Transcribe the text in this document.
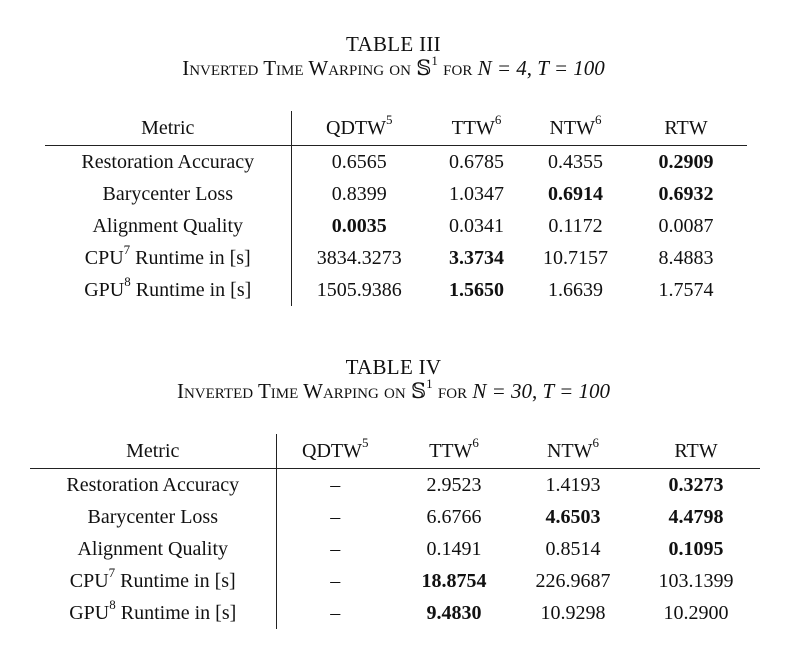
TABLE III
Inverted Time Warping on 𝕊$^1$ for N = 4, T = 100
Metric	QDTW$^5$	TTW$^6$	NTW$^6$	RTW
Restoration Accuracy	0.6565	0.6785	0.4355	0.2909
Barycenter Loss	0.8399	1.0347	0.6914	0.6932
Alignment Quality	0.0035	0.0341	0.1172	0.0087
CPU$^7$ Runtime in [s]	3834.3273	3.3734	10.7157	8.4883
GPU$^8$ Runtime in [s]	1505.9386	1.5650	1.6639	1.7574
TABLE IV
Inverted Time Warping on 𝕊$^1$ for N = 30, T = 100
Metric	QDTW$^5$	TTW$^6$	NTW$^6$	RTW
Restoration Accuracy	–	2.9523	1.4193	0.3273
Barycenter Loss	–	6.6766	4.6503	4.4798
Alignment Quality	–	0.1491	0.8514	0.1095
CPU$^7$ Runtime in [s]	–	18.8754	226.9687	103.1399
GPU$^8$ Runtime in [s]	–	9.4830	10.9298	10.2900
